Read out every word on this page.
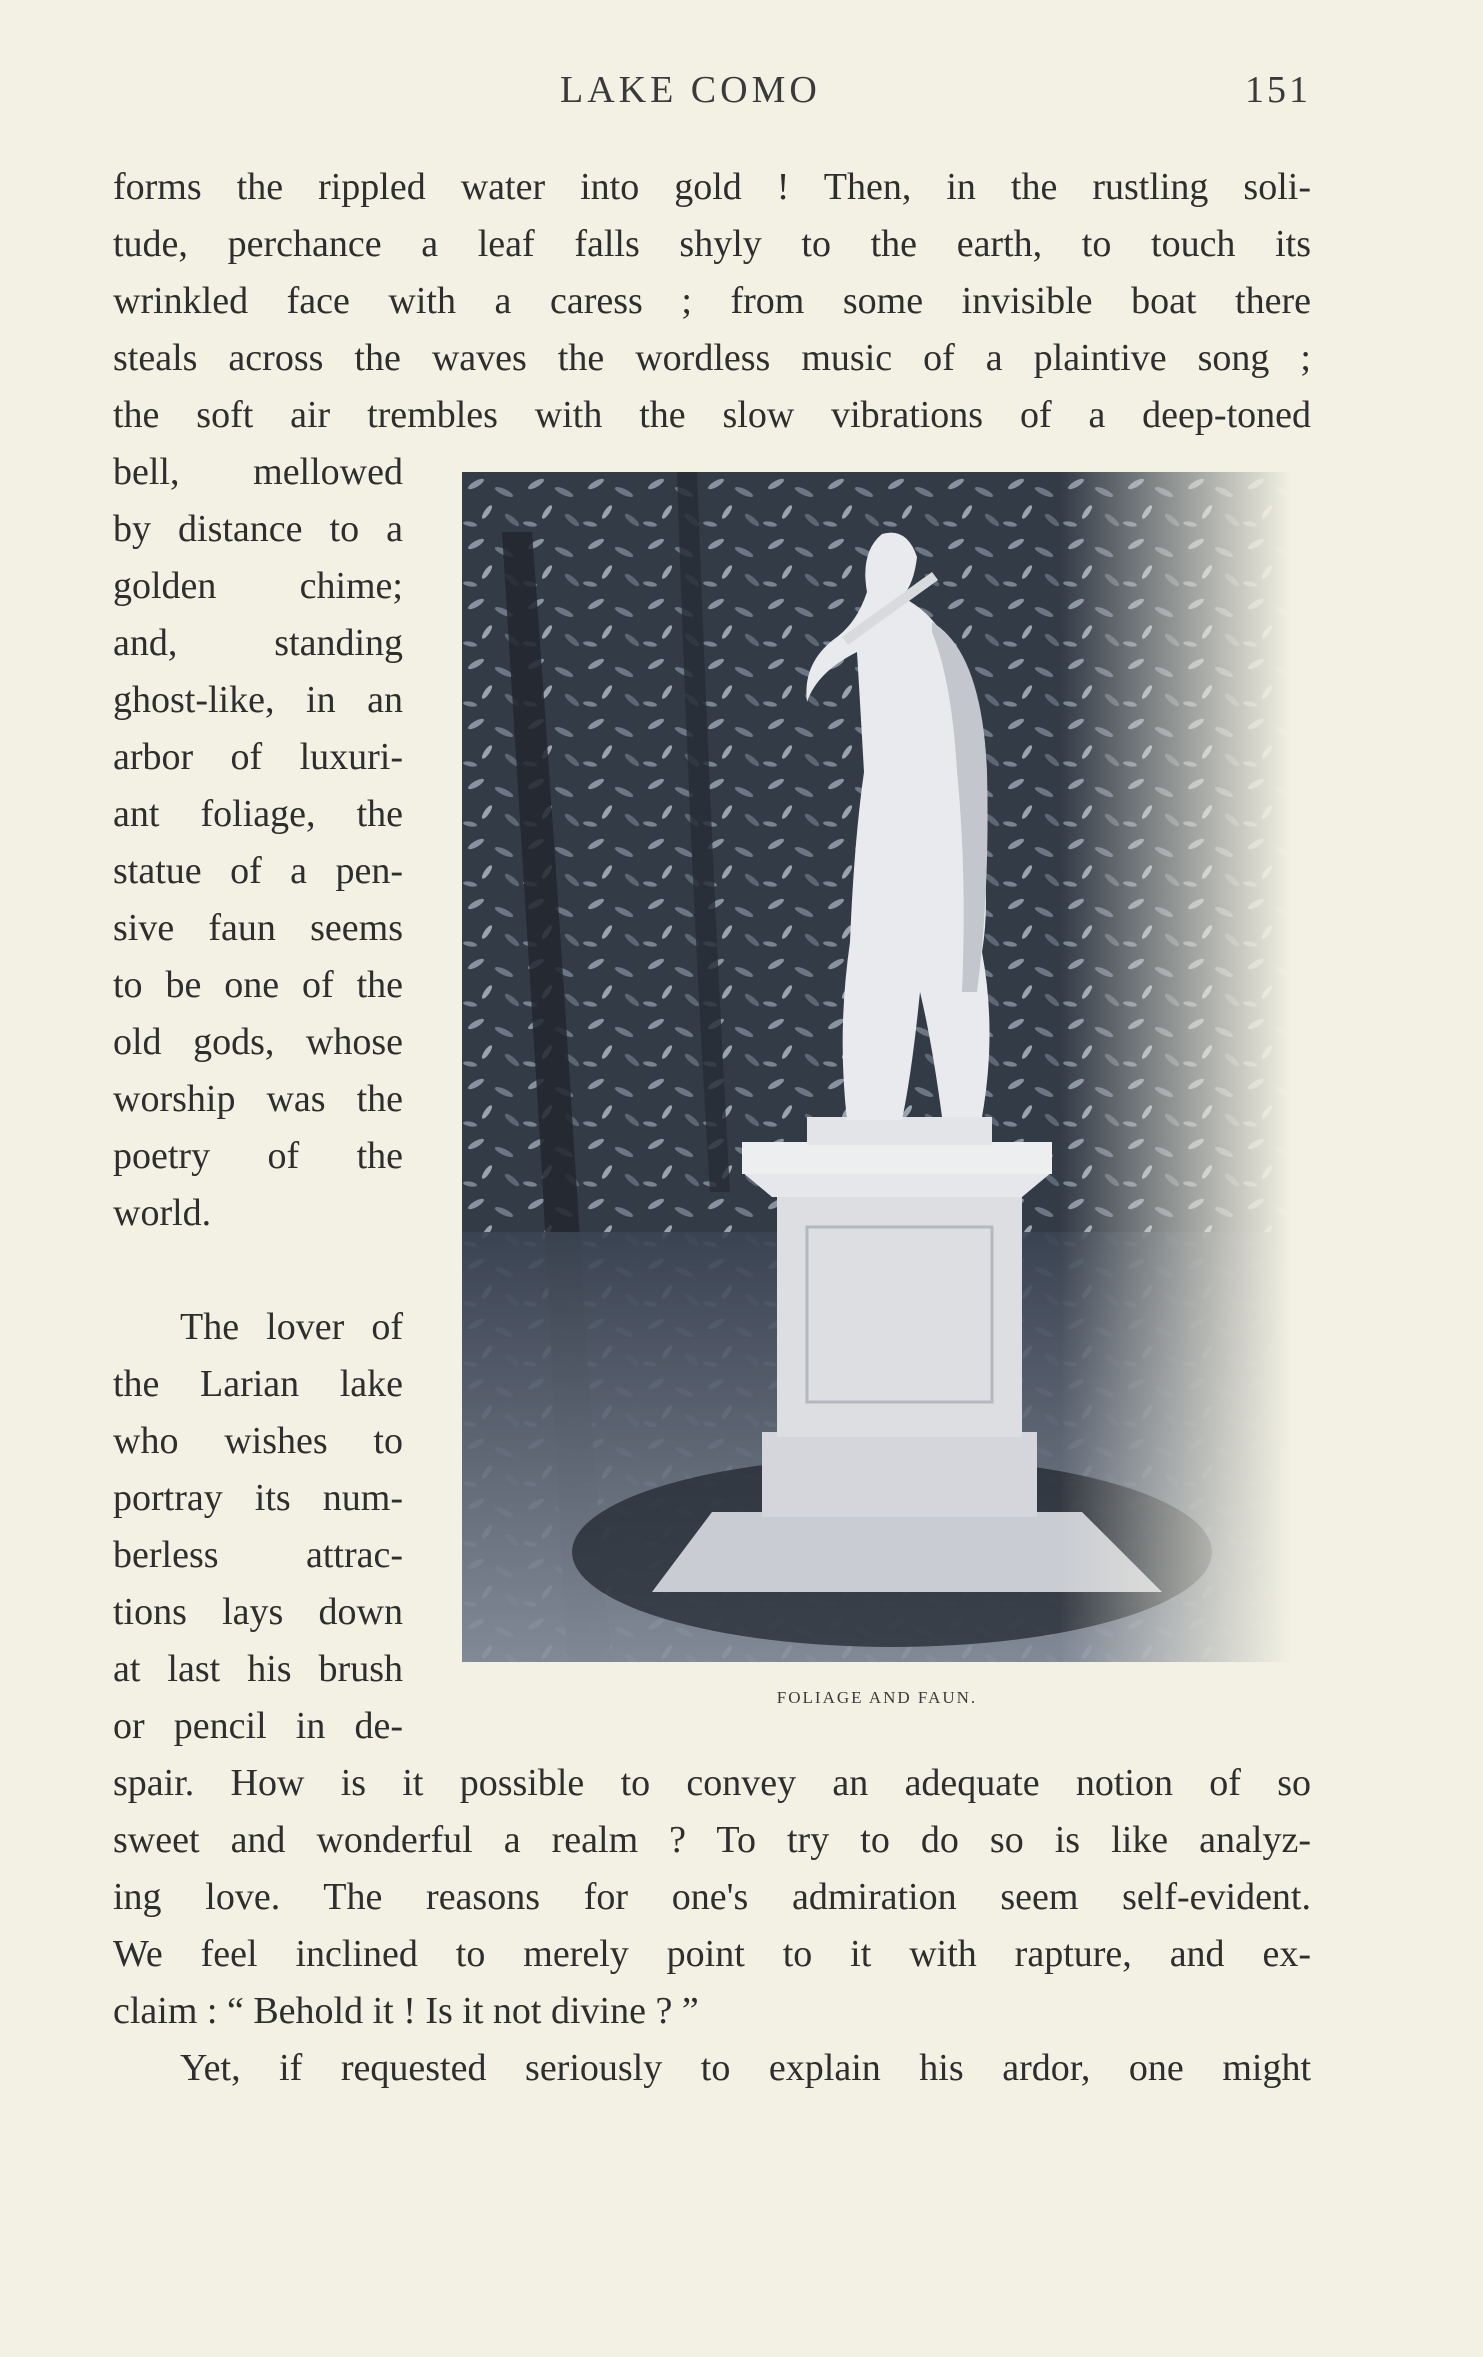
LAKE COMO	151
forms the rippled water into gold ! Then, in the rustling soli-
tude, perchance a leaf falls shyly to the earth, to touch its
wrinkled face with a caress ; from some invisible boat there
steals across the waves the wordless music of a plaintive song ;
the soft air trembles with the slow vibrations of a deep-toned
bell, mellowed
by distance to a
golden chime;
and, standing
ghost-like, in an
arbor of luxuri-
ant foliage, the
statue of a pen-
sive faun seems
to be one of the
old gods, whose
worship was the
poetry of the
world.
The lover of
the Larian lake
who wishes to
portray its num-
berless attrac-
tions lays down
at last his brush
or pencil in de-
spair. How is it possible to convey an adequate notion of so
sweet and wonderful a realm ? To try to do so is like analyz-
ing love. The reasons for one's admiration seem self-evident.
We feel inclined to merely point to it with rapture, and ex-
claim : “ Behold it ! Is it not divine ? ”
Yet, if requested seriously to explain his ardor, one might
FOLIAGE AND FAUN.
